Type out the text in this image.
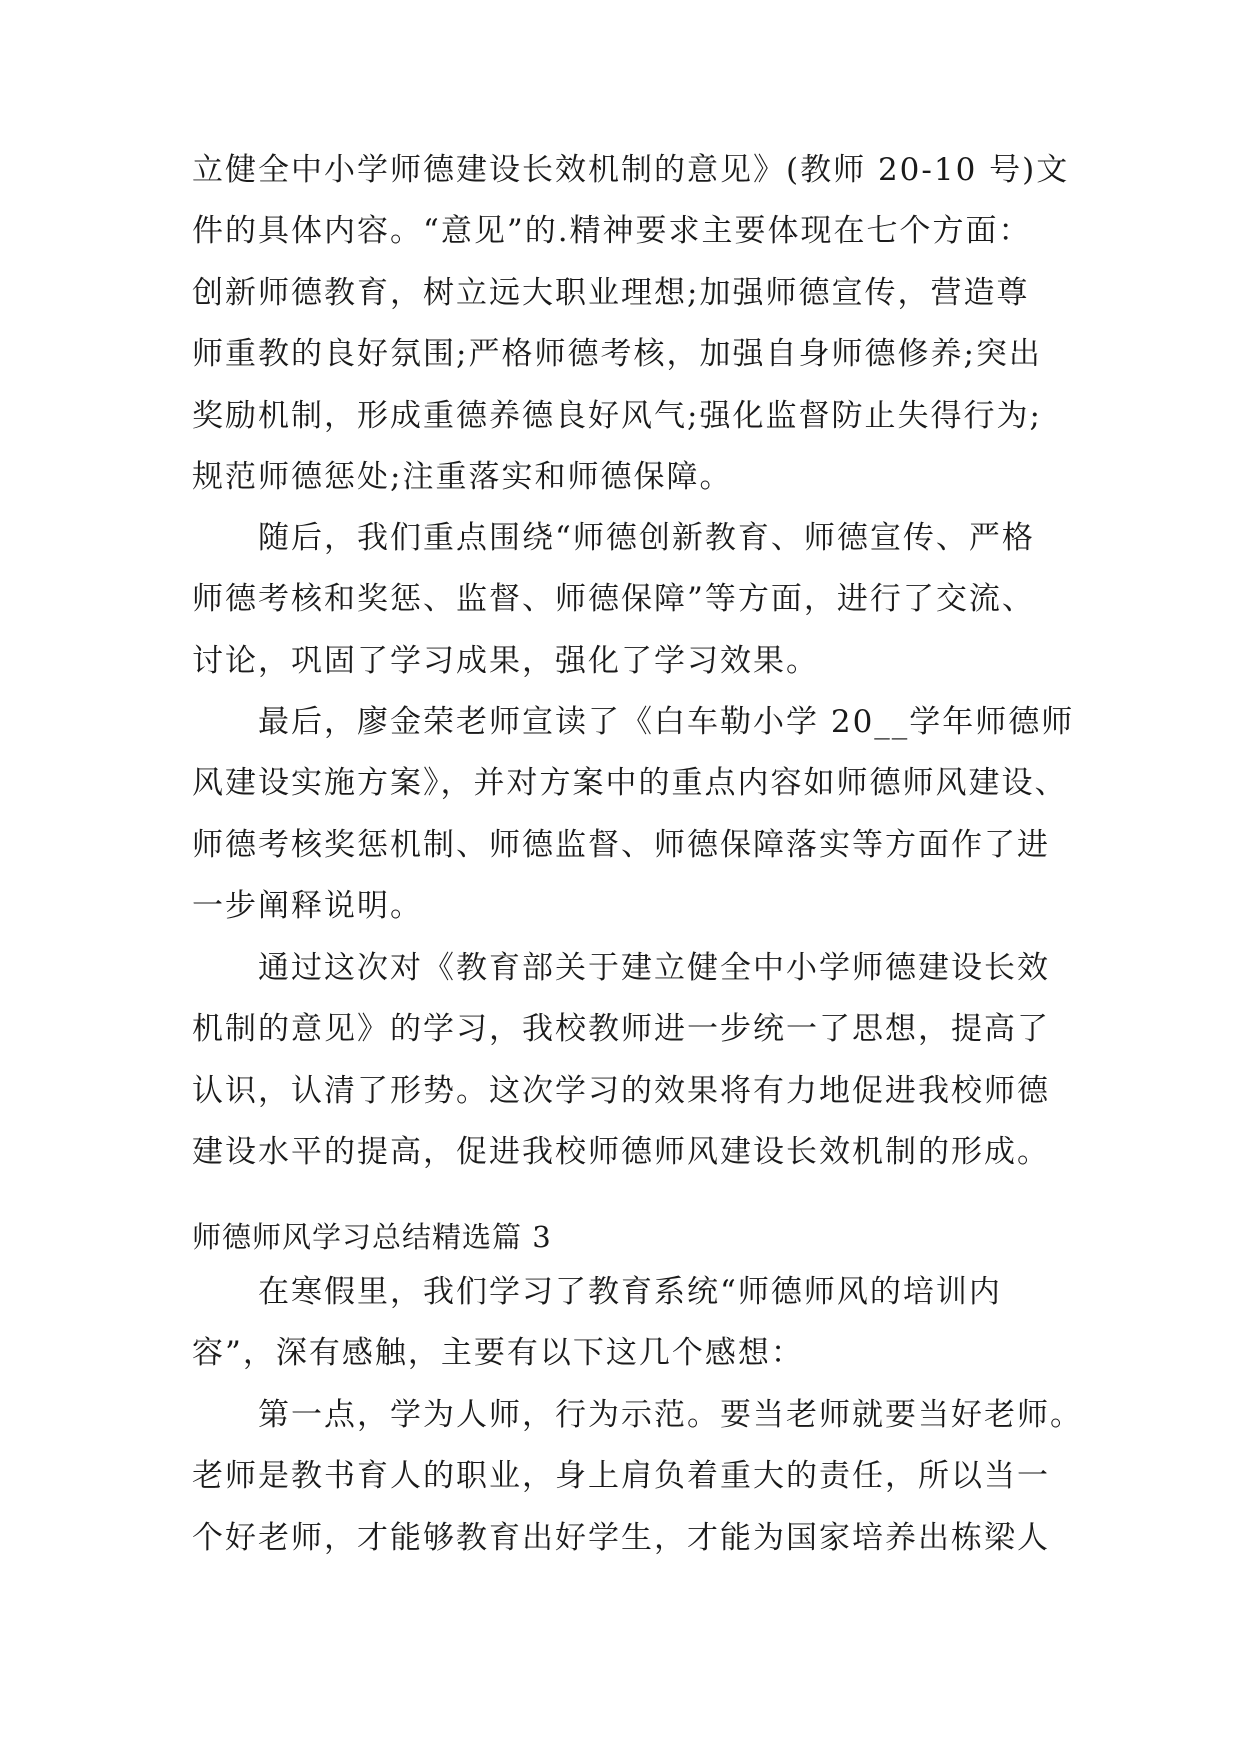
立健全中小学师德建设长效机制的意见》(教师 20-10 号)文
件的具体内容。“意见”的.精神要求主要体现在七个方面：
创新师德教育，树立远大职业理想;加强师德宣传，营造尊
师重教的良好氛围;严格师德考核，加强自身师德修养;突出
奖励机制，形成重德养德良好风气;强化监督防止失得行为;
规范师德惩处;注重落实和师德保障。
　　随后，我们重点围绕“师德创新教育、师德宣传、严格
师德考核和奖惩、监督、师德保障”等方面，进行了交流、
讨论，巩固了学习成果，强化了学习效果。
　　最后，廖金荣老师宣读了《白车勒小学 20__学年师德师
风建设实施方案》，并对方案中的重点内容如师德师风建设、
师德考核奖惩机制、师德监督、师德保障落实等方面作了进
一步阐释说明。
　　通过这次对《教育部关于建立健全中小学师德建设长效
机制的意见》的学习，我校教师进一步统一了思想，提高了
认识，认清了形势。这次学习的效果将有力地促进我校师德
建设水平的提高，促进我校师德师风建设长效机制的形成。
师德师风学习总结精选篇 3
　　在寒假里，我们学习了教育系统“师德师风的培训内
容”，深有感触，主要有以下这几个感想：
　　第一点，学为人师，行为示范。要当老师就要当好老师。
老师是教书育人的职业，身上肩负着重大的责任，所以当一
个好老师，才能够教育出好学生，才能为国家培养出栋梁人
